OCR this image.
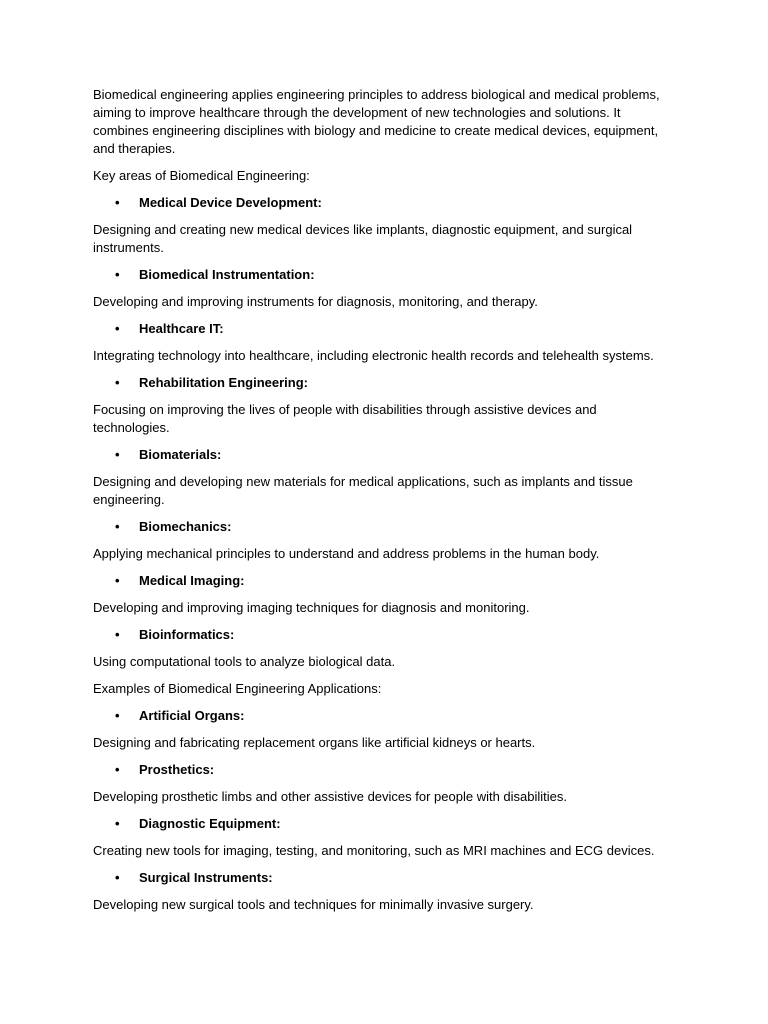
Biomedical engineering applies engineering principles to address biological and medical problems, aiming to improve healthcare through the development of new technologies and solutions. It combines engineering disciplines with biology and medicine to create medical devices, equipment, and therapies.

Key areas of Biomedical Engineering:

• Medical Device Development:

Designing and creating new medical devices like implants, diagnostic equipment, and surgical instruments.

• Biomedical Instrumentation:

Developing and improving instruments for diagnosis, monitoring, and therapy.

• Healthcare IT:

Integrating technology into healthcare, including electronic health records and telehealth systems.

• Rehabilitation Engineering:

Focusing on improving the lives of people with disabilities through assistive devices and technologies.

• Biomaterials:

Designing and developing new materials for medical applications, such as implants and tissue engineering.

• Biomechanics:

Applying mechanical principles to understand and address problems in the human body.

• Medical Imaging:

Developing and improving imaging techniques for diagnosis and monitoring.

• Bioinformatics:

Using computational tools to analyze biological data.

Examples of Biomedical Engineering Applications:

• Artificial Organs:

Designing and fabricating replacement organs like artificial kidneys or hearts.

• Prosthetics:

Developing prosthetic limbs and other assistive devices for people with disabilities.

• Diagnostic Equipment:

Creating new tools for imaging, testing, and monitoring, such as MRI machines and ECG devices.

• Surgical Instruments:

Developing new surgical tools and techniques for minimally invasive surgery.
